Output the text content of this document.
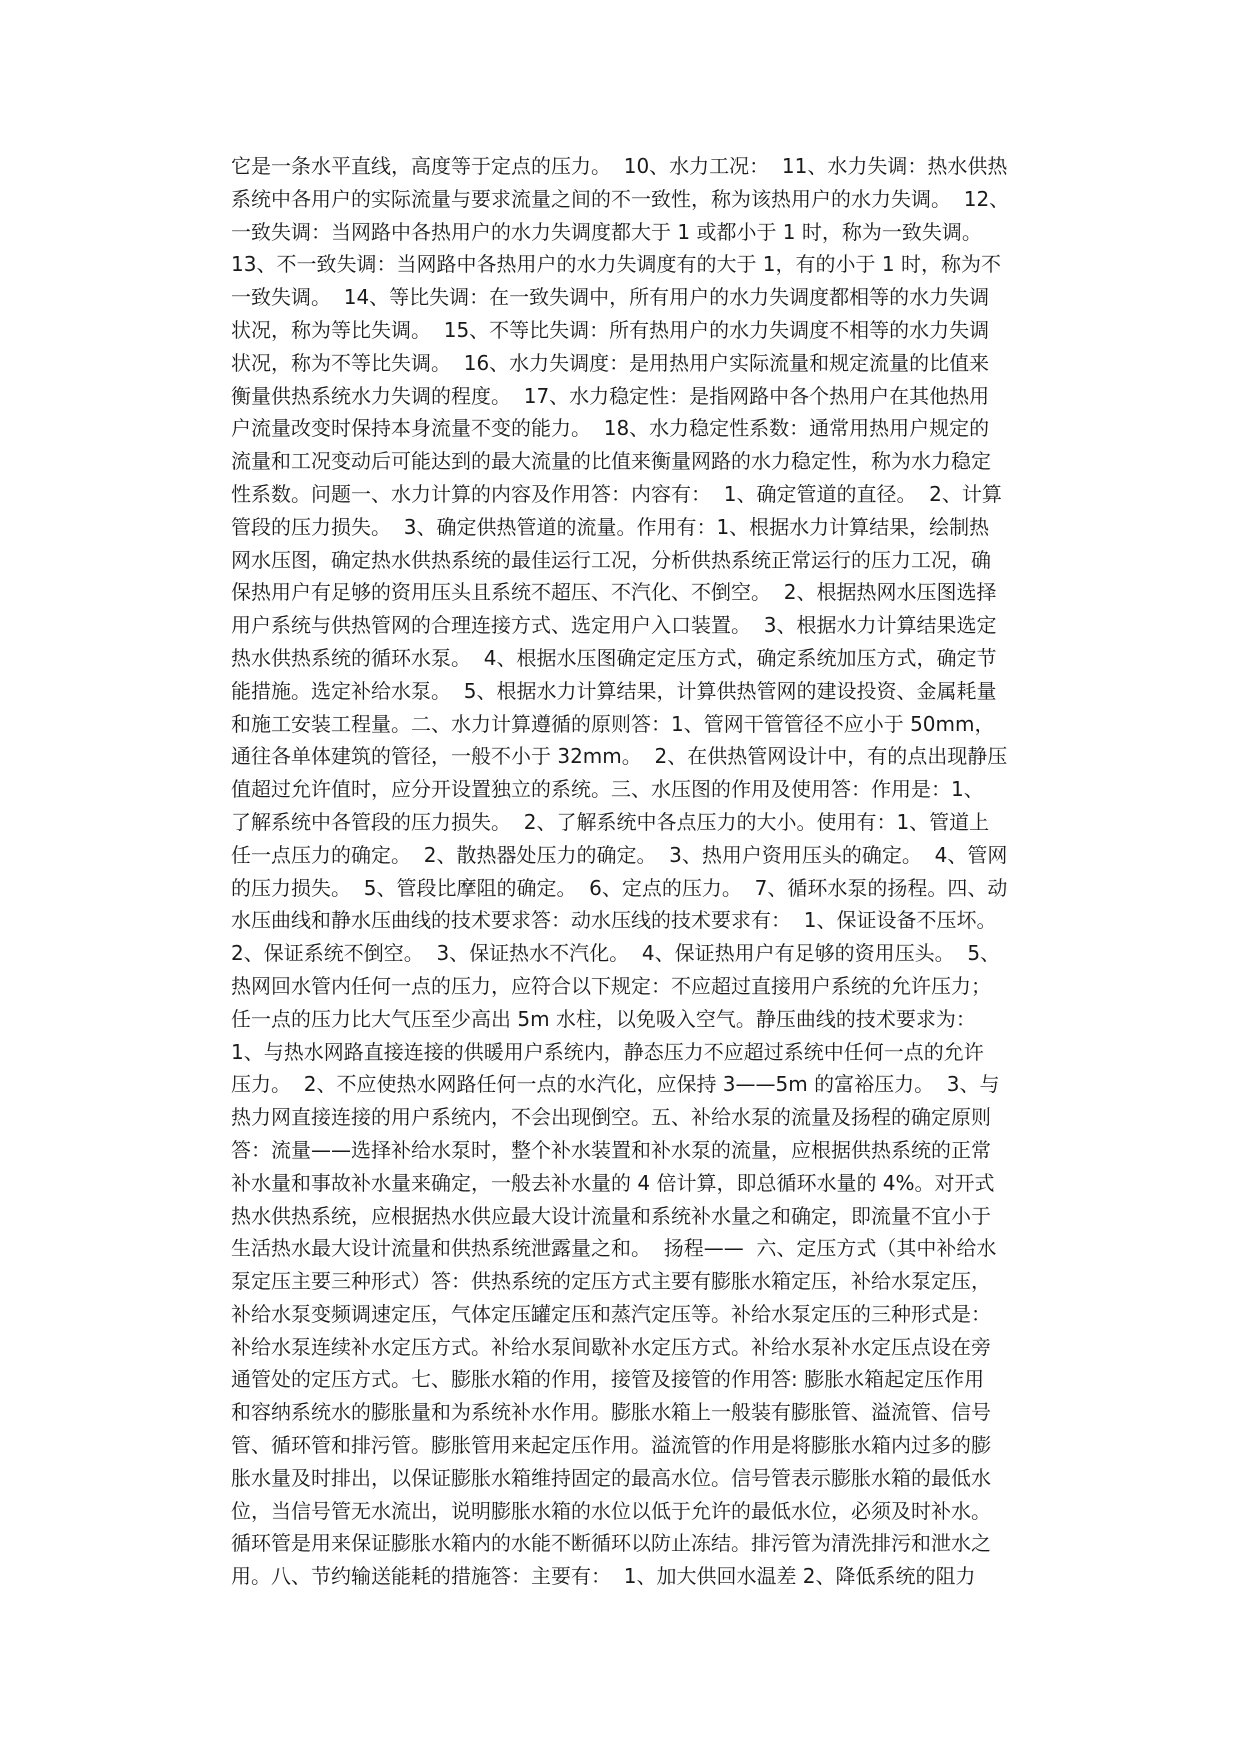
它是一条水平直线，高度等于定点的压力。  10、水力工况：  11、水力失调：热水供热
系统中各用户的实际流量与要求流量之间的不一致性，称为该热用户的水力失调。  12、
一致失调：当网路中各热用户的水力失调度都大于 1 或都小于 1 时，称为一致失调。
13、不一致失调：当网路中各热用户的水力失调度有的大于 1，有的小于 1 时，称为不
一致失调。  14、等比失调：在一致失调中，所有用户的水力失调度都相等的水力失调
状况，称为等比失调。  15、不等比失调：所有热用户的水力失调度不相等的水力失调
状况，称为不等比失调。  16、水力失调度：是用热用户实际流量和规定流量的比值来
衡量供热系统水力失调的程度。  17、水力稳定性：是指网路中各个热用户在其他热用
户流量改变时保持本身流量不变的能力。  18、水力稳定性系数：通常用热用户规定的
流量和工况变动后可能达到的最大流量的比值来衡量网路的水力稳定性，称为水力稳定
性系数。问题一、水力计算的内容及作用答：内容有：  1、确定管道的直径。  2、计算
管段的压力损失。  3、确定供热管道的流量。作用有：1、根据水力计算结果，绘制热
网水压图，确定热水供热系统的最佳运行工况，分析供热系统正常运行的压力工况，确
保热用户有足够的资用压头且系统不超压、不汽化、不倒空。  2、根据热网水压图选择
用户系统与供热管网的合理连接方式、选定用户入口装置。  3、根据水力计算结果选定
热水供热系统的循环水泵。  4、根据水压图确定定压方式，确定系统加压方式，确定节
能措施。选定补给水泵。  5、根据水力计算结果，计算供热管网的建设投资、金属耗量
和施工安装工程量。二、水力计算遵循的原则答：1、管网干管管径不应小于 50mm，
通往各单体建筑的管径，一般不小于 32mm。  2、在供热管网设计中，有的点出现静压
值超过允许值时，应分开设置独立的系统。三、水压图的作用及使用答：作用是：1、
了解系统中各管段的压力损失。  2、了解系统中各点压力的大小。使用有：1、管道上
任一点压力的确定。  2、散热器处压力的确定。  3、热用户资用压头的确定。  4、管网
的压力损失。  5、管段比摩阻的确定。  6、定点的压力。  7、循环水泵的扬程。四、动
水压曲线和静水压曲线的技术要求答：动水压线的技术要求有：  1、保证设备不压坏。
2、保证系统不倒空。  3、保证热水不汽化。  4、保证热用户有足够的资用压头。  5、
热网回水管内任何一点的压力，应符合以下规定：不应超过直接用户系统的允许压力；
任一点的压力比大气压至少高出 5m 水柱，以免吸入空气。静压曲线的技术要求为：
1、与热水网路直接连接的供暖用户系统内，静态压力不应超过系统中任何一点的允许
压力。  2、不应使热水网路任何一点的水汽化，应保持 3——5m 的富裕压力。  3、与
热力网直接连接的用户系统内，不会出现倒空。五、补给水泵的流量及扬程的确定原则
答：流量——选择补给水泵时，整个补水装置和补水泵的流量，应根据供热系统的正常
补水量和事故补水量来确定，一般去补水量的 4 倍计算，即总循环水量的 4%。对开式
热水供热系统，应根据热水供应最大设计流量和系统补水量之和确定，即流量不宜小于
生活热水最大设计流量和供热系统泄露量之和。  扬程——  六、定压方式（其中补给水
泵定压主要三种形式）答：供热系统的定压方式主要有膨胀水箱定压，补给水泵定压，
补给水泵变频调速定压，气体定压罐定压和蒸汽定压等。补给水泵定压的三种形式是：
补给水泵连续补水定压方式。补给水泵间歇补水定压方式。补给水泵补水定压点设在旁
通管处的定压方式。七、膨胀水箱的作用，接管及接管的作用答: 膨胀水箱起定压作用
和容纳系统水的膨胀量和为系统补水作用。膨胀水箱上一般装有膨胀管、溢流管、信号
管、循环管和排污管。膨胀管用来起定压作用。溢流管的作用是将膨胀水箱内过多的膨
胀水量及时排出，以保证膨胀水箱维持固定的最高水位。信号管表示膨胀水箱的最低水
位，当信号管无水流出，说明膨胀水箱的水位以低于允许的最低水位，必须及时补水。
循环管是用来保证膨胀水箱内的水能不断循环以防止冻结。排污管为清洗排污和泄水之
用。八、节约输送能耗的措施答：主要有：  1、加大供回水温差 2、降低系统的阻力
